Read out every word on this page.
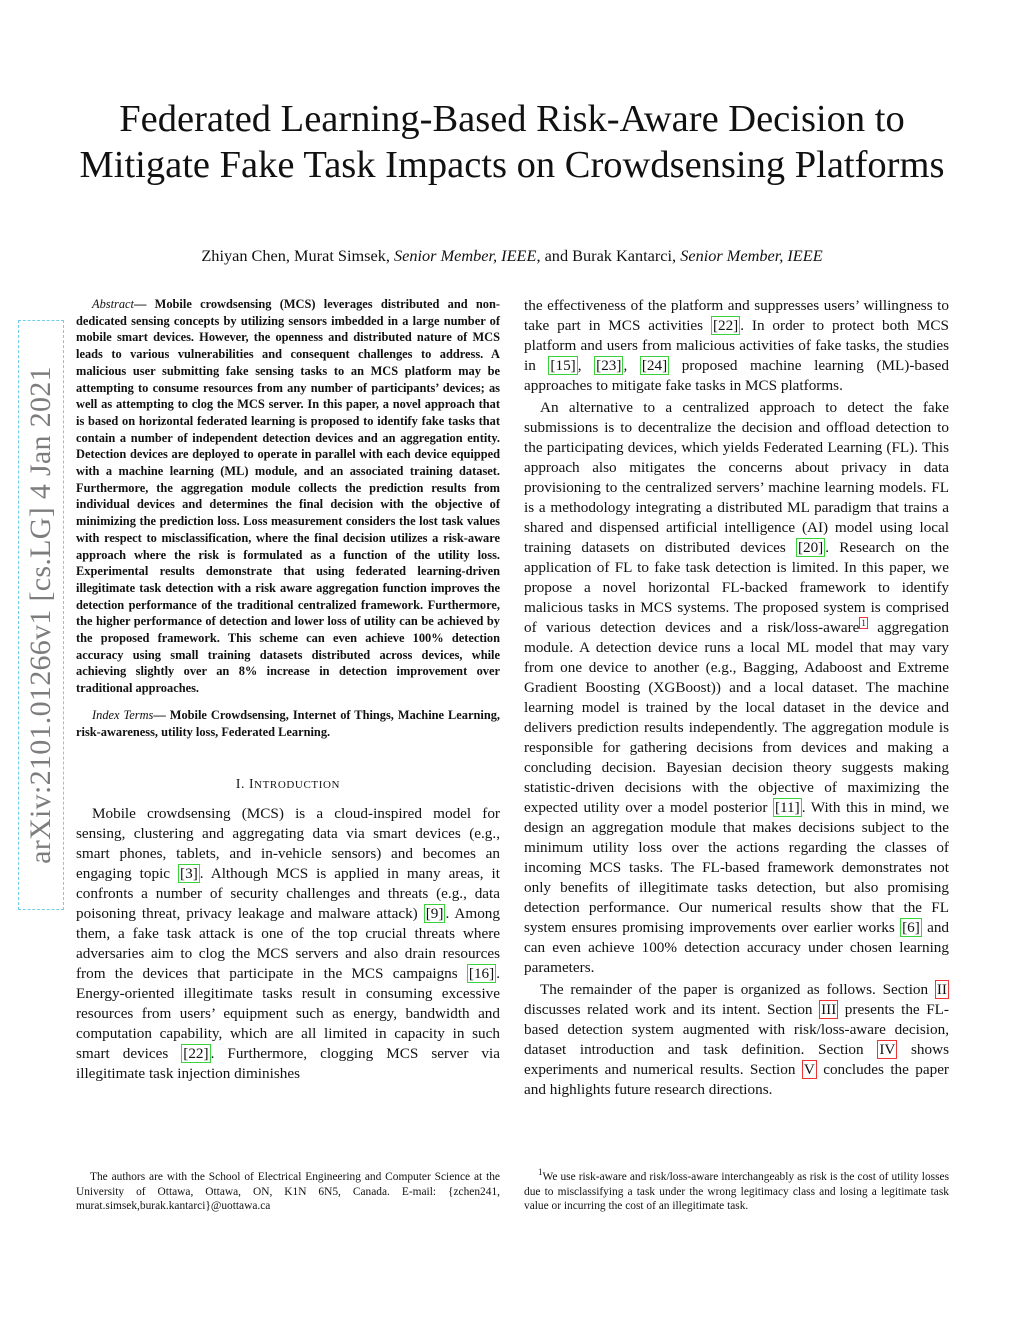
arXiv:2101.01266v1 [cs.LG] 4 Jan 2021
Federated Learning-Based Risk-Aware Decision to Mitigate Fake Task Impacts on Crowdsensing Platforms
Zhiyan Chen, Murat Simsek, Senior Member, IEEE, and Burak Kantarci, Senior Member, IEEE

Abstract— Mobile crowdsensing (MCS) leverages distributed and non-dedicated sensing concepts by utilizing sensors imbedded in a large number of mobile smart devices. However, the openness and distributed nature of MCS leads to various vulnerabilities and consequent challenges to address. A malicious user submitting fake sensing tasks to an MCS platform may be attempting to consume resources from any number of participants’ devices; as well as attempting to clog the MCS server. In this paper, a novel approach that is based on horizontal federated learning is proposed to identify fake tasks that contain a number of independent detection devices and an aggregation entity. Detection devices are deployed to operate in parallel with each device equipped with a machine learning (ML) module, and an associated training dataset. Furthermore, the aggregation module collects the prediction results from individual devices and determines the final decision with the objective of minimizing the prediction loss. Loss measurement considers the lost task values with respect to misclassification, where the final decision utilizes a risk-aware approach where the risk is formulated as a function of the utility loss. Experimental results demonstrate that using federated learning-driven illegitimate task detection with a risk aware aggregation function improves the detection performance of the traditional centralized framework. Furthermore, the higher performance of detection and lower loss of utility can be achieved by the proposed framework. This scheme can even achieve 100% detection accuracy using small training datasets distributed across devices, while achieving slightly over an 8% increase in detection improvement over traditional approaches.

Index Terms— Mobile Crowdsensing, Internet of Things, Machine Learning, risk-awareness, utility loss, Federated Learning.

I. INTRODUCTION

Mobile crowdsensing (MCS) is a cloud-inspired model for sensing, clustering and aggregating data via smart devices (e.g., smart phones, tablets, and in-vehicle sensors) and becomes an engaging topic [3] . Although MCS is applied in many areas, it confronts a number of security challenges and threats (e.g., data poisoning threat, privacy leakage and malware attack) [9] . Among them, a fake task attack is one of the top crucial threats where adversaries aim to clog the MCS servers and also drain resources from the devices that participate in the MCS campaigns [16] . Energy-oriented illegitimate tasks result in consuming excessive resources from users’ equipment such as energy, bandwidth and computation capability, which are all limited in capacity in such smart devices [22] . Furthermore, clogging MCS server via illegitimate task injection diminishes

the effectiveness of the platform and suppresses users’ willingness to take part in MCS activities [22] . In order to protect both MCS platform and users from malicious activities of fake tasks, the studies in [15] , [23] , [24] proposed machine learning (ML)-based approaches to mitigate fake tasks in MCS platforms.

An alternative to a centralized approach to detect the fake submissions is to decentralize the decision and offload detection to the participating devices, which yields Federated Learning (FL). This approach also mitigates the concerns about privacy in data provisioning to the centralized servers’ machine learning models. FL is a methodology integrating a distributed ML paradigm that trains a shared and dispensed artificial intelligence (AI) model using local training datasets on distributed devices [20] . Research on the application of FL to fake task detection is limited. In this paper, we propose a novel horizontal FL-backed framework to identify malicious tasks in MCS systems. The proposed system is comprised of various detection devices and a risk/loss-aware $^1$ aggregation module. A detection device runs a local ML model that may vary from one device to another (e.g., Bagging, Adaboost and Extreme Gradient Boosting (XGBoost)) and a local dataset. The machine learning model is trained by the local dataset in the device and delivers prediction results independently. The aggregation module is responsible for gathering decisions from devices and making a concluding decision. Bayesian decision theory suggests making statistic-driven decisions with the objective of maximizing the expected utility over a model posterior [11] . With this in mind, we design an aggregation module that makes decisions subject to the minimum utility loss over the actions regarding the classes of incoming MCS tasks. The FL-based framework demonstrates not only benefits of illegitimate tasks detection, but also promising detection performance. Our numerical results show that the FL system ensures promising improvements over earlier works [6] and can even achieve 100% detection accuracy under chosen learning parameters.

The remainder of the paper is organized as follows. Section II discusses related work and its intent. Section III presents the FL-based detection system augmented with risk/loss-aware decision, dataset introduction and task definition. Section IV shows experiments and numerical results. Section V concludes the paper and highlights future research directions.

The authors are with the School of Electrical Engineering and Computer Science at the University of Ottawa, Ottawa, ON, K1N 6N5, Canada. E-mail: {zchen241, murat.simsek,burak.kantarci}@uottawa.ca
$^1$We use risk-aware and risk/loss-aware interchangeably as risk is the cost of utility losses due to misclassifying a task under the wrong legitimacy class and losing a legitimate task value or incurring the cost of an illegitimate task.
